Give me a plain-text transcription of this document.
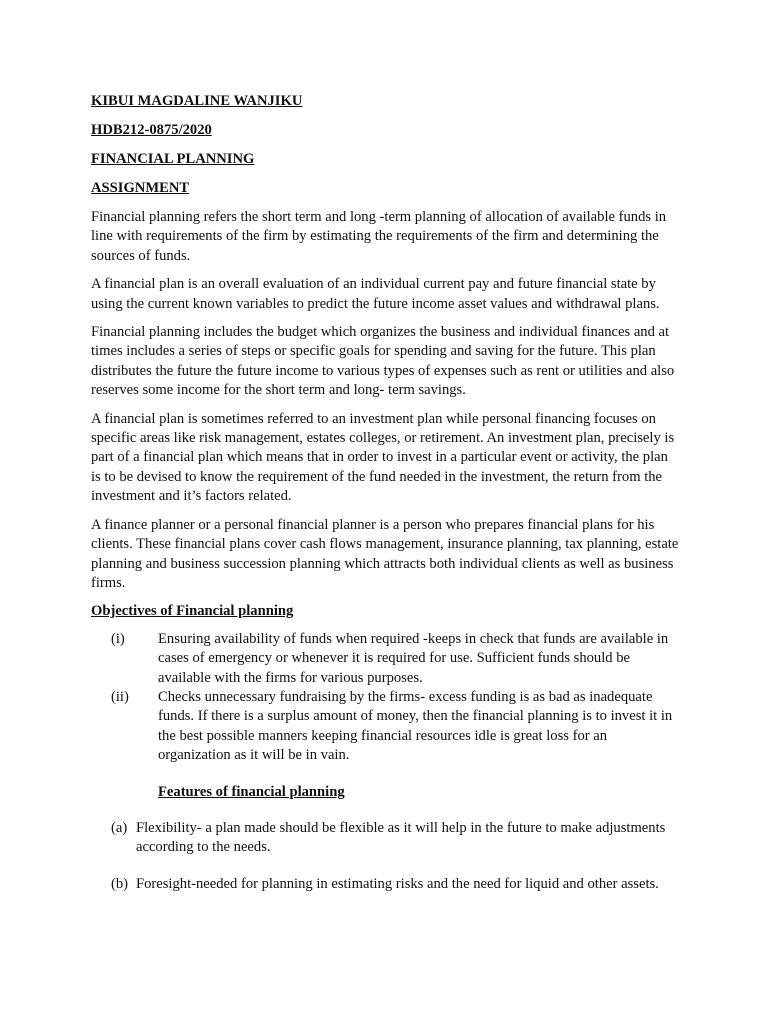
KIBUI MAGDALINE WANJIKU
HDB212-0875/2020
FINANCIAL PLANNING
ASSIGNMENT

Financial planning refers the short term and long -term planning of allocation of available funds in line with requirements of the firm by estimating the requirements of the firm and determining the sources of funds.

A financial plan is an overall evaluation of an individual current pay and future financial state by using the current known variables to predict the future income asset values and withdrawal plans.

Financial planning includes the budget which organizes the business and individual finances and at times includes a series of steps or specific goals for spending and saving for the future. This plan distributes the future the future income to various types of expenses such as rent or utilities and also reserves some income for the short term and long- term savings.

A financial plan is sometimes referred to an investment plan while personal financing focuses on specific areas like risk management, estates colleges, or retirement. An investment plan, precisely is part of a financial plan which means that in order to invest in a particular event or activity, the plan is to be devised to know the requirement of the fund needed in the investment, the return from the investment and it’s factors related.

A finance planner or a personal financial planner is a person who prepares financial plans for his clients. These financial plans cover cash flows management, insurance planning, tax planning, estate planning and business succession planning which attracts both individual clients as well as business firms.

Objectives of Financial planning
(i)	Ensuring availability of funds when required -keeps in check that funds are available in cases of emergency or whenever it is required for use. Sufficient funds should be available with the firms for various purposes.
(ii)	Checks unnecessary fundraising by the firms- excess funding is as bad as inadequate funds. If there is a surplus amount of money, then the financial planning is to invest it in the best possible manners keeping financial resources idle is great loss for an organization as it will be in vain.
Features of financial planning
(a) Flexibility- a plan made should be flexible as it will help in the future to make adjustments according to the needs.
(b) Foresight-needed for planning in estimating risks and the need for liquid and other assets.
